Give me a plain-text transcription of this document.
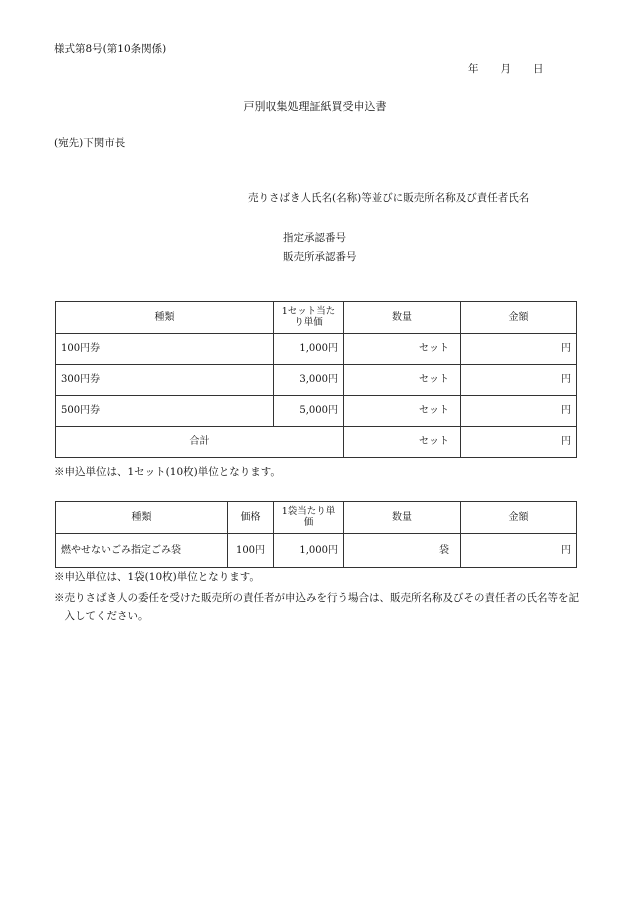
様式第8号(第10条関係)
年 月 日
戸別収集処理証紙買受申込書
(宛先)下関市長
売りさばき人氏名(名称)等並びに販売所名称及び責任者氏名
指定承認番号
販売所承認番号
種類	1セット当たり単価	数量	金額
100円券	1,000円	セット	円
300円券	3,000円	セット	円
500円券	5,000円	セット	円
合計		セット	円
※申込単位は、1セット(10枚)単位となります。
種類	価格	1袋当たり単価	数量	金額
燃やせないごみ指定ごみ袋	100円	1,000円	袋	円
※申込単位は、1袋(10枚)単位となります。
※売りさばき人の委任を受けた販売所の責任者が申込みを行う場合は、販売所名称及びその責任者の氏名等を記入してください。
